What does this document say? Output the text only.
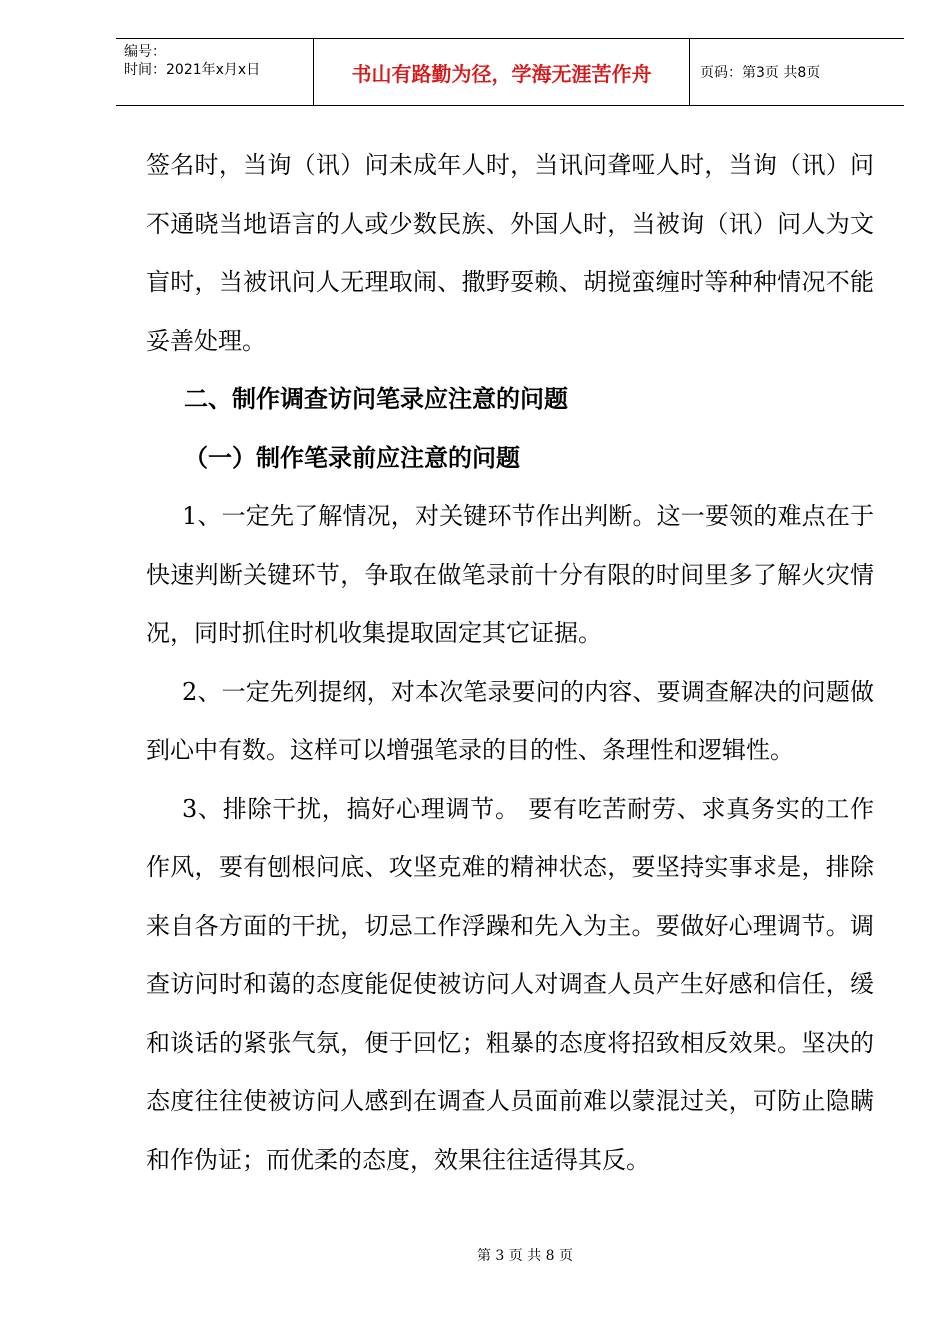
编号：
时间：2021年x月x日	书山有路勤为径，学海无涯苦作舟	页码：第3页 共8页

签名时，当询（讯）问未成年人时，当讯问聋哑人时，当询（讯）问不通晓当地语言的人或少数民族、外国人时，当被询（讯）问人为文盲时，当被讯问人无理取闹、撒野耍赖、胡搅蛮缠时等种种情况不能妥善处理。

二、制作调查访问笔录应注意的问题

（一）制作笔录前应注意的问题

1、一定先了解情况，对关键环节作出判断。这一要领的难点在于快速判断关键环节，争取在做笔录前十分有限的时间里多了解火灾情况，同时抓住时机收集提取固定其它证据。

2、一定先列提纲，对本次笔录要问的内容、要调查解决的问题做到心中有数。这样可以增强笔录的目的性、条理性和逻辑性。

3、排除干扰，搞好心理调节。 要有吃苦耐劳、求真务实的工作作风，要有刨根问底、攻坚克难的精神状态，要坚持实事求是，排除来自各方面的干扰，切忌工作浮躁和先入为主。要做好心理调节。调查访问时和蔼的态度能促使被访问人对调查人员产生好感和信任，缓和谈话的紧张气氛，便于回忆；粗暴的态度将招致相反效果。坚决的态度往往使被访问人感到在调查人员面前难以蒙混过关，可防止隐瞒和作伪证；而优柔的态度，效果往往适得其反。

第 3 页 共 8 页
